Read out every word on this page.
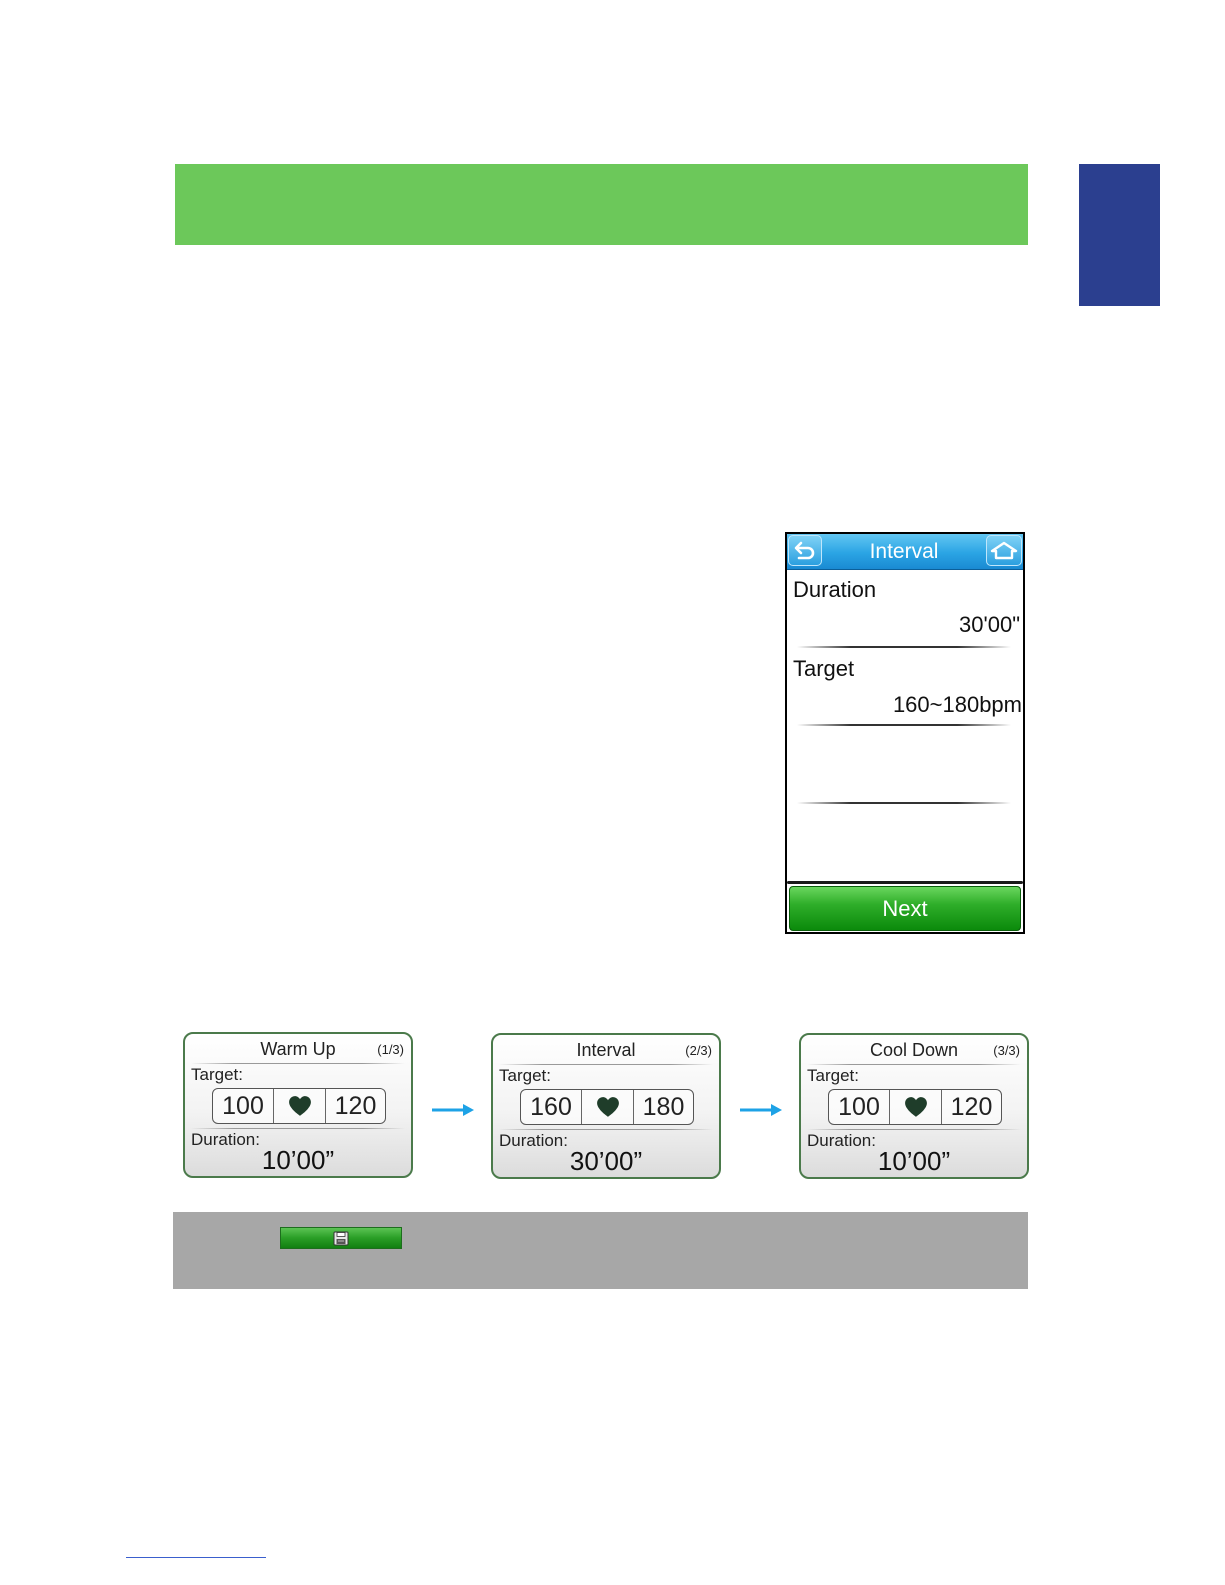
Interval
Duration
30'00"
Target
160~180bpm
Next
Warm Up	(1/3)
Target:
100	120
Duration:
10’00”
Interval	(2/3)
Target:
160	180
Duration:
30’00”
Cool Down	(3/3)
Target:
100	120
Duration:
10’00”
